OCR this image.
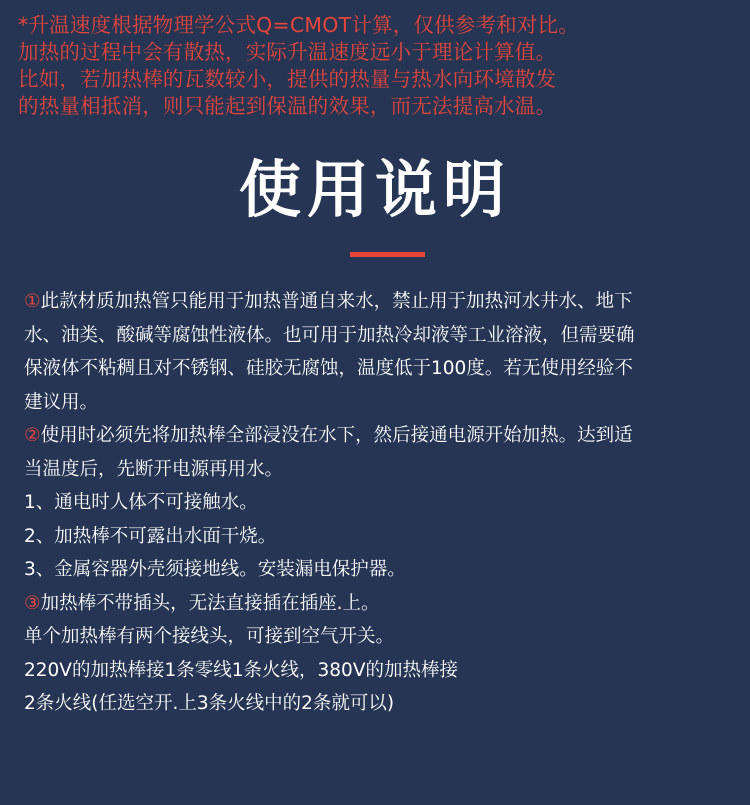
*升温速度根据物理学公式Q=CMOT计算，仅供参考和对比。
加热的过程中会有散热，实际升温速度远小于理论计算值。
比如，若加热棒的瓦数较小，提供的热量与热水向环境散发
的热量相抵消，则只能起到保温的效果，而无法提高水温。
使用说明
①此款材质加热管只能用于加热普通自来水，禁止用于加热河水井水、地下
水、油类、酸碱等腐蚀性液体。也可用于加热冷却液等工业溶液，但需要确
保液体不粘稠且对不锈钢、硅胶无腐蚀，温度低于100度。若无使用经验不
建议用。
②使用时必须先将加热棒全部浸没在水下，然后接通电源开始加热。达到适
当温度后，先断开电源再用水。
1、通电时人体不可接触水。
2、加热棒不可露出水面干烧。
3、金属容器外壳须接地线。安装漏电保护器。
③加热棒不带插头，无法直接插在插座.上。
单个加热棒有两个接线头，可接到空气开关。
220V的加热棒接1条零线1条火线，380V的加热棒接
2条火线(任选空开.上3条火线中的2条就可以)
